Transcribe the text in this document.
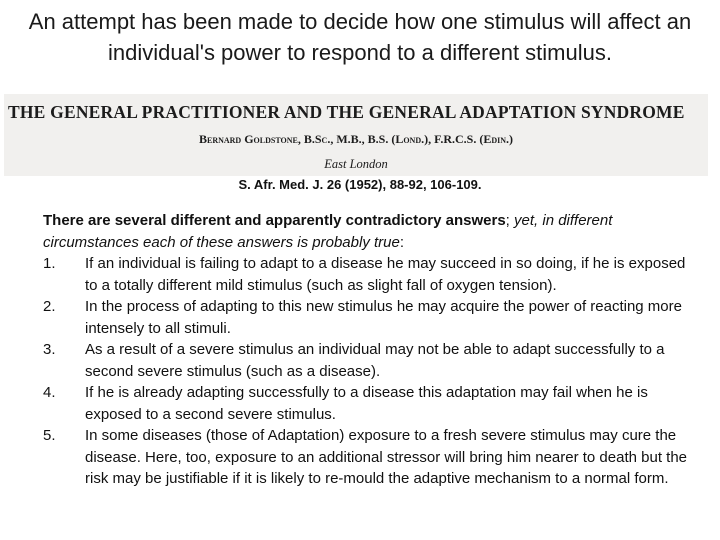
An attempt has been made to decide how one stimulus will affect an individual's power to respond to a different stimulus.
THE GENERAL PRACTITIONER AND THE GENERAL ADAPTATION SYNDROME
Bernard Goldstone, B.Sc., M.B., B.S. (Lond.), F.R.C.S. (Edin.)
East London
S. Afr. Med. J. 26 (1952), 88-92, 106-109.

There are several different and apparently contradictory answers; yet, in different circumstances each of these answers is probably true:

1. If an individual is failing to adapt to a disease he may succeed in so doing, if he is exposed to a totally different mild stimulus (such as slight fall of oxygen tension).
2. In the process of adapting to this new stimulus he may acquire the power of reacting more intensely to all stimuli.
3. As a result of a severe stimulus an individual may not be able to adapt successfully to a second severe stimulus (such as a disease).
4. If he is already adapting successfully to a disease this adaptation may fail when he is exposed to a second severe stimulus.
5. In some diseases (those of Adaptation) exposure to a fresh severe stimulus may cure the disease. Here, too, exposure to an additional stressor will bring him nearer to death but the risk may be justifiable if it is likely to re-mould the adaptive mechanism to a normal form.
